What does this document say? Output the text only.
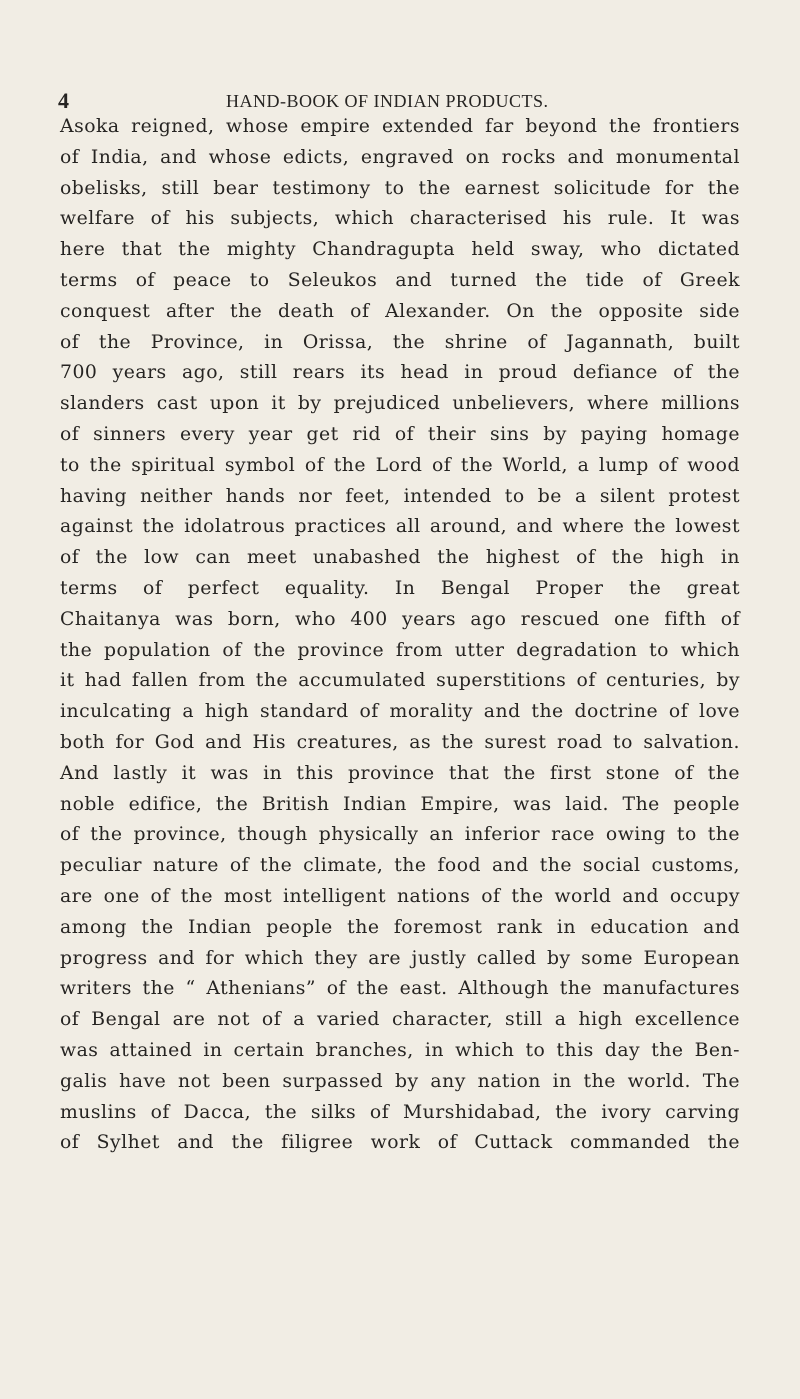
4	HAND-BOOK OF INDIAN PRODUCTS.
Asoka reigned, whose empire extended far beyond the frontiers
of India, and whose edicts, engraved on rocks and monumental
obelisks, still bear testimony to the earnest solicitude for the
welfare of his subjects, which characterised his rule. It was
here that the mighty Chandragupta held sway, who dictated
terms of peace to Seleukos and turned the tide of Greek
conquest after the death of Alexander. On the opposite side
of the Province, in Orissa, the shrine of Jagannath, built
700 years ago, still rears its head in proud defiance of the
slanders cast upon it by prejudiced unbelievers, where millions
of sinners every year get rid of their sins by paying homage
to the spiritual symbol of the Lord of the World, a lump of wood
having neither hands nor feet, intended to be a silent protest
against the idolatrous practices all around, and where the lowest
of the low can meet unabashed the highest of the high in
terms of perfect equality. In Bengal Proper the great
Chaitanya was born, who 400 years ago rescued one fifth of
the population of the province from utter degradation to which
it had fallen from the accumulated superstitions of centuries, by
inculcating a high standard of morality and the doctrine of love
both for God and His creatures, as the surest road to salvation.
And lastly it was in this province that the first stone of the
noble edifice, the British Indian Empire, was laid. The people
of the province, though physically an inferior race owing to the
peculiar nature of the climate, the food and the social customs,
are one of the most intelligent nations of the world and occupy
among the Indian people the foremost rank in education and
progress and for which they are justly called by some European
writers the “ Athenians” of the east. Although the manufactures
of Bengal are not of a varied character, still a high excellence
was attained in certain branches, in which to this day the Ben-
galis have not been surpassed by any nation in the world. The
muslins of Dacca, the silks of Murshidabad, the ivory carving
of Sylhet and the filigree work of Cuttack commanded the
